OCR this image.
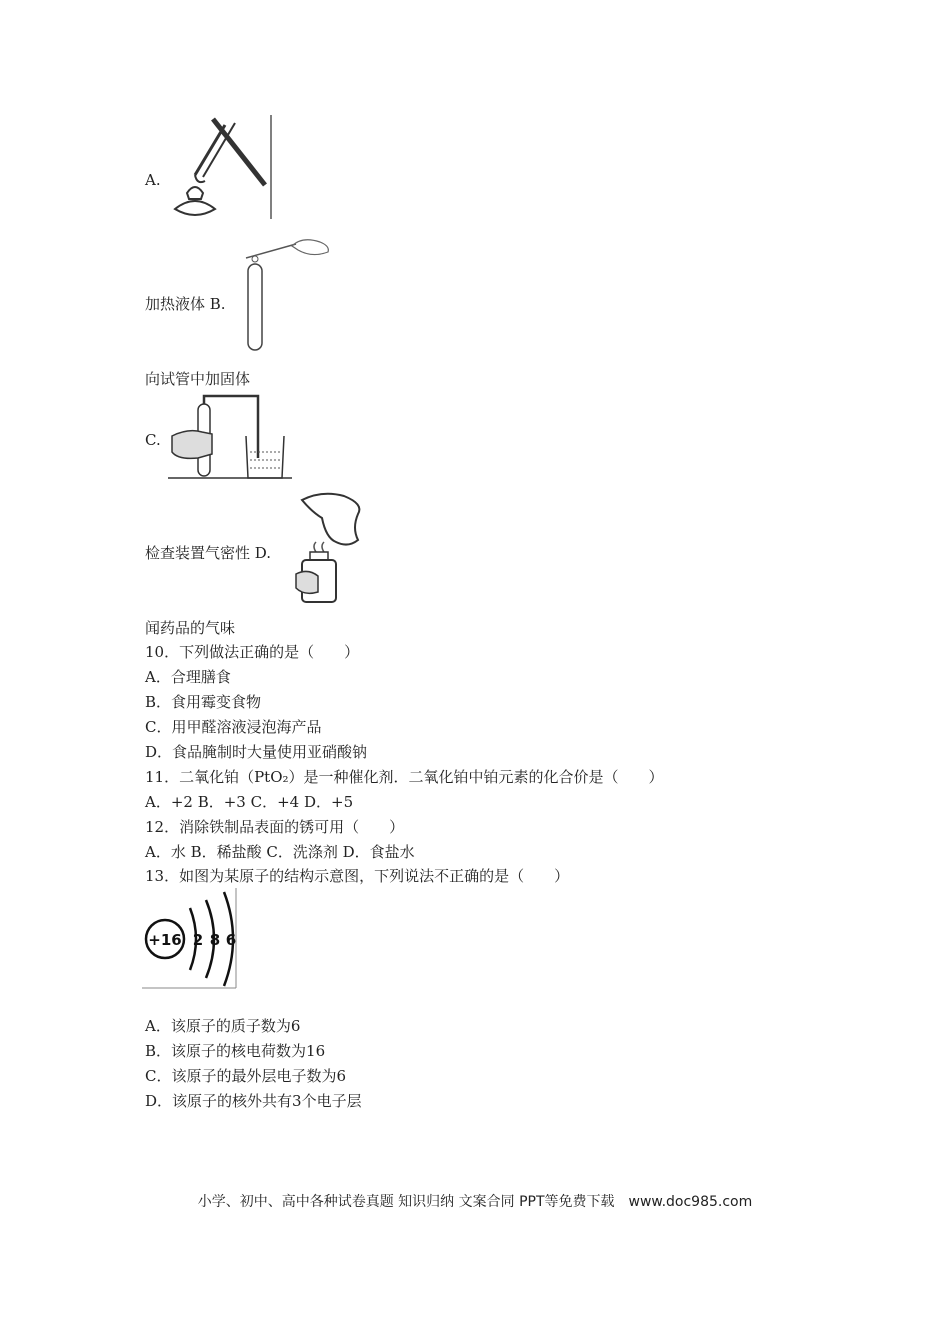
A.
加热液体 B.
向试管中加固体
C.
检查装置气密性 D.
闻药品的气味
10．下列做法正确的是（　　）
A．合理膳食
B．食用霉变食物
C．用甲醛溶液浸泡海产品
D．食品腌制时大量使用亚硝酸钠
11．二氧化铂（PtO₂）是一种催化剂．二氧化铂中铂元素的化合价是（　　）
A．+2 B．+3 C．+4 D．+5
12．消除铁制品表面的锈可用（　　）
A．水 B．稀盐酸 C．洗涤剂 D．食盐水
13．如图为某原子的结构示意图，下列说法不正确的是（　　）
+16 2 8 6
A．该原子的质子数为6
B．该原子的核电荷数为16
C．该原子的最外层电子数为6
D．该原子的核外共有3个电子层
小学、初中、高中各种试卷真题 知识归纳 文案合同 PPT等免费下载　www.doc985.com
